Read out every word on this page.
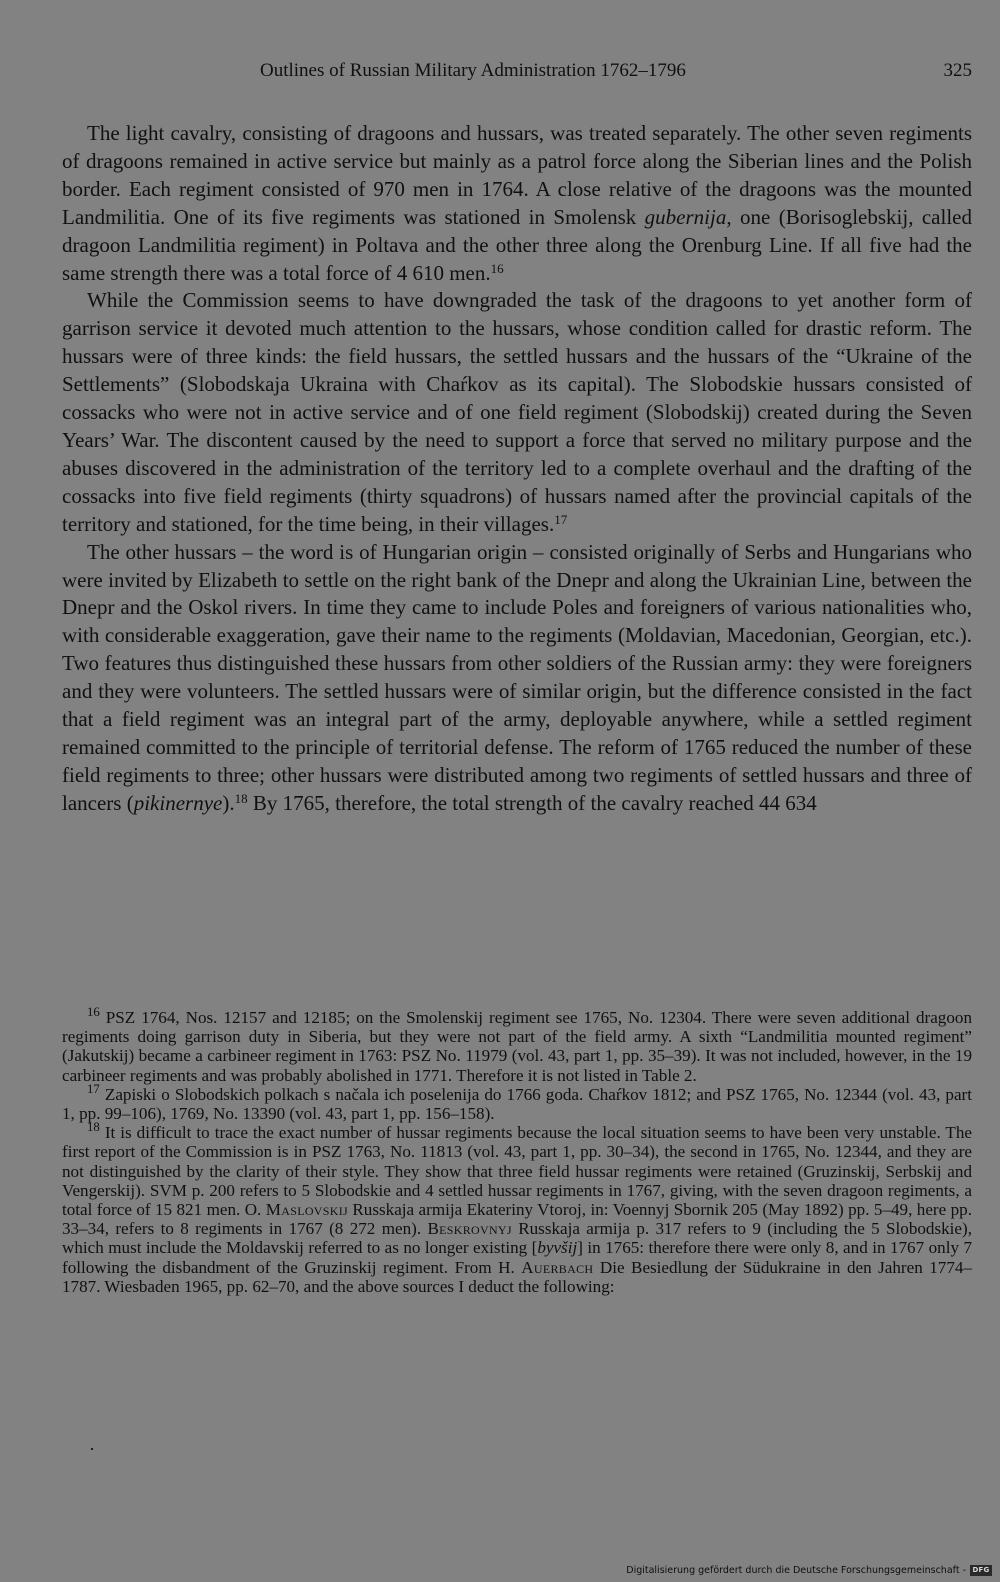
Outlines of Russian Military Administration 1762–1796	325

The light cavalry, consisting of dragoons and hussars, was treated separately. The other seven regiments of dragoons remained in active service but mainly as a patrol force along the Siberian lines and the Polish border. Each regiment consisted of 970 men in 1764. A close relative of the dragoons was the mounted Landmilitia. One of its five regiments was stationed in Smolensk gubernija, one (Borisoglebskij, called dragoon Landmilitia regiment) in Poltava and the other three along the Orenburg Line. If all five had the same strength there was a total force of 4 610 men.$^{16}$

While the Commission seems to have downgraded the task of the dragoons to yet another form of garrison service it devoted much attention to the hussars, whose condition called for drastic reform. The hussars were of three kinds: the field hussars, the settled hussars and the hussars of the “Ukraine of the Settlements” (Slobodskaja Ukraina with Chaŕkov as its capital). The Slobodskie hussars consisted of cossacks who were not in active service and of one field regiment (Slobodskij) created during the Seven Years’ War. The discontent caused by the need to support a force that served no military purpose and the abuses discovered in the administration of the territory led to a complete overhaul and the drafting of the cossacks into five field regiments (thirty squadrons) of hussars named after the provincial capitals of the territory and stationed, for the time being, in their villages.$^{17}$

The other hussars – the word is of Hungarian origin – consisted originally of Serbs and Hungarians who were invited by Elizabeth to settle on the right bank of the Dnepr and along the Ukrainian Line, between the Dnepr and the Oskol rivers. In time they came to include Poles and foreigners of various nationalities who, with considerable exaggeration, gave their name to the regiments (Moldavian, Macedonian, Georgian, etc.). Two features thus distinguished these hussars from other soldiers of the Russian army: they were foreigners and they were volunteers. The settled hussars were of similar origin, but the difference consisted in the fact that a field regiment was an integral part of the army, deployable anywhere, while a settled regiment remained committed to the principle of territorial defense. The reform of 1765 reduced the number of these field regiments to three; other hussars were distributed among two regiments of settled hussars and three of lancers (pikinernye).$^{18}$ By 1765, therefore, the total strength of the cavalry reached 44 634

$^{16}$ PSZ 1764, Nos. 12157 and 12185; on the Smolenskij regiment see 1765, No. 12304. There were seven additional dragoon regiments doing garrison duty in Siberia, but they were not part of the field army. A sixth “Landmilitia mounted regiment” (Jakutskij) became a carbineer regiment in 1763: PSZ No. 11979 (vol. 43, part 1, pp. 35–39). It was not included, however, in the 19 carbineer regiments and was probably abolished in 1771. Therefore it is not listed in Table 2.

$^{17}$ Zapiski o Slobodskich polkach s načala ich poselenija do 1766 goda. Chaŕkov 1812; and PSZ 1765, No. 12344 (vol. 43, part 1, pp. 99–106), 1769, No. 13390 (vol. 43, part 1, pp. 156–158).

$^{18}$ It is difficult to trace the exact number of hussar regiments because the local situation seems to have been very unstable. The first report of the Commission is in PSZ 1763, No. 11813 (vol. 43, part 1, pp. 30–34), the second in 1765, No. 12344, and they are not distinguished by the clarity of their style. They show that three field hussar regiments were retained (Gruzinskij, Serbskij and Vengerskij). SVM p. 200 refers to 5 Slobodskie and 4 settled hussar regiments in 1767, giving, with the seven dragoon regiments, a total force of 15 821 men. O. Maslovskij Russkaja armija Ekateriny Vtoroj, in: Voennyj Sbornik 205 (May 1892) pp. 5–49, here pp. 33–34, refers to 8 regiments in 1767 (8 272 men). Beskrovnyj Russkaja armija p. 317 refers to 9 (including the 5 Slobodskie), which must include the Moldavskij referred to as no longer existing [byvšij] in 1765: therefore there were only 8, and in 1767 only 7 following the disbandment of the Gruzinskij regiment. From H. Auerbach Die Besiedlung der Südukraine in den Jahren 1774–1787. Wiesbaden 1965, pp. 62–70, and the above sources I deduct the following:

Digitalisierung gefördert durch die Deutsche Forschungsgemeinschaft - DFG
